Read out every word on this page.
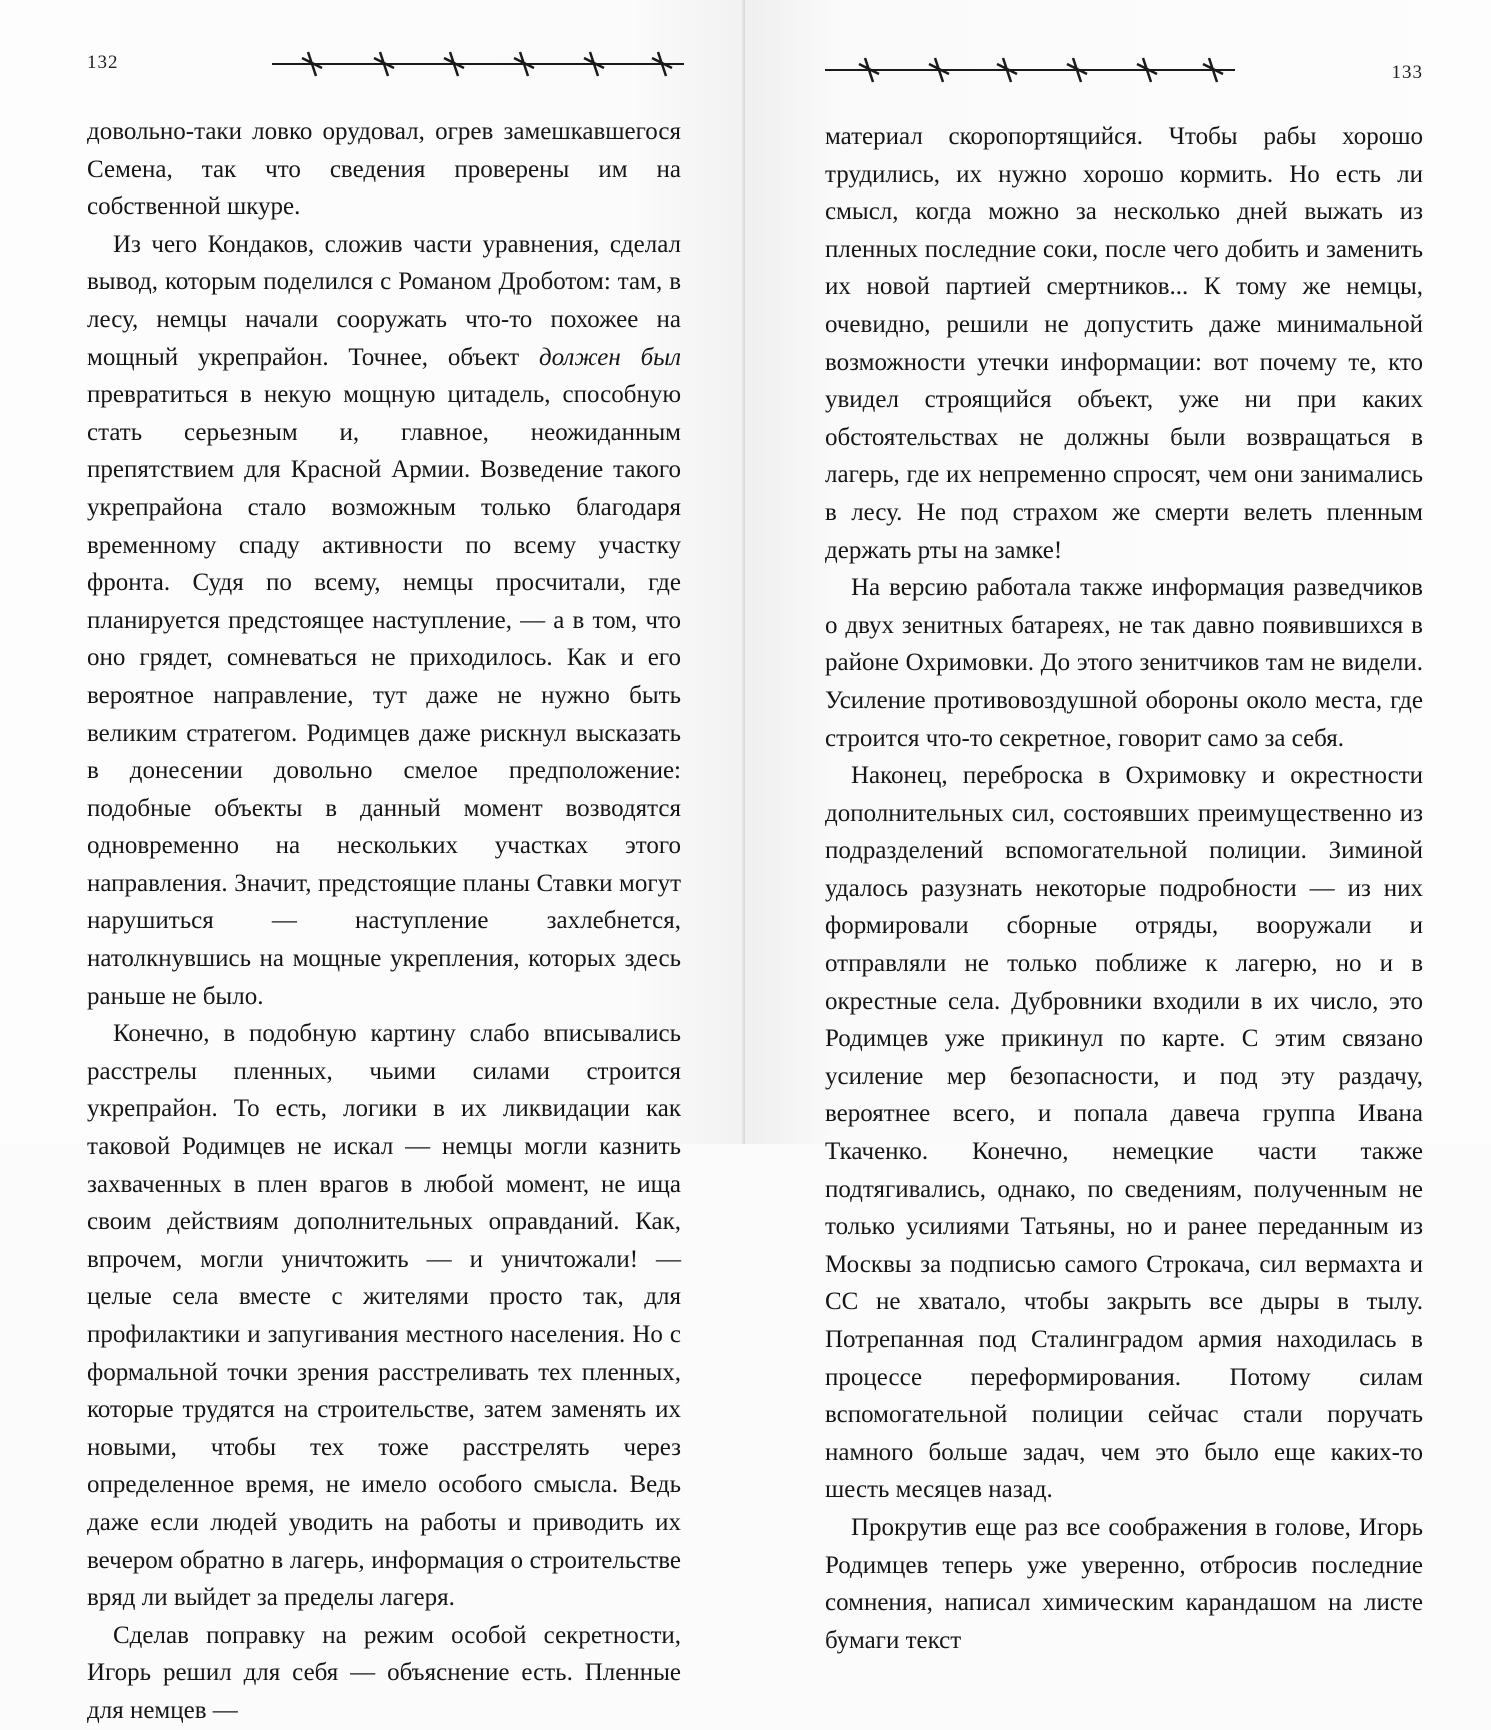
132

довольно-таки ловко орудовал, огрев замешкавшегося Семена, так что сведения проверены им на собственной шкуре.

Из чего Кондаков, сложив части уравнения, сделал вывод, которым поделился с Романом Дроботом: там, в лесу, немцы начали сооружать что-то похожее на мощный укрепрайон. Точнее, объект должен был превратиться в некую мощную цитадель, способную стать серьезным и, главное, неожиданным препятствием для Красной Армии. Возведение такого укрепрайона стало возможным только благодаря временному спаду активности по всему участку фронта. Судя по всему, немцы просчитали, где планируется предстоящее наступление, — а в том, что оно грядет, сомневаться не приходилось. Как и его вероятное направление, тут даже не нужно быть великим стратегом. Родимцев даже рискнул высказать в донесении довольно смелое предположение: подобные объекты в данный момент возводятся одновременно на нескольких участках этого направления. Значит, предстоящие планы Ставки могут нарушиться — наступление захлебнется, натолкнувшись на мощные укрепления, которых здесь раньше не было.

Конечно, в подобную картину слабо вписывались расстрелы пленных, чьими силами строится укрепрайон. То есть, логики в их ликвидации как таковой Родимцев не искал — немцы могли казнить захваченных в плен врагов в любой момент, не ища своим действиям дополнительных оправданий. Как, впрочем, могли уничтожить — и уничтожали! — целые села вместе с жителями просто так, для профилактики и запугивания местного населения. Но с формальной точки зрения расстреливать тех пленных, которые трудятся на строительстве, затем заменять их новыми, чтобы тех тоже расстрелять через определенное время, не имело особого смысла. Ведь даже если людей уводить на работы и приводить их вечером обратно в лагерь, информация о строительстве вряд ли выйдет за пределы лагеря.

Сделав поправку на режим особой секретности, Игорь решил для себя — объяснение есть. Пленные для немцев —

133

материал скоропортящийся. Чтобы рабы хорошо трудились, их нужно хорошо кормить. Но есть ли смысл, когда можно за несколько дней выжать из пленных последние соки, после чего добить и заменить их новой партией смертников... К тому же немцы, очевидно, решили не допустить даже минимальной возможности утечки информации: вот почему те, кто увидел строящийся объект, уже ни при каких обстоятельствах не должны были возвращаться в лагерь, где их непременно спросят, чем они занимались в лесу. Не под страхом же смерти велеть пленным держать рты на замке!

На версию работала также информация разведчиков о двух зенитных батареях, не так давно появившихся в районе Охримовки. До этого зенитчиков там не видели. Усиление противовоздушной обороны около места, где строится что-то секретное, говорит само за себя.

Наконец, переброска в Охримовку и окрестности дополнительных сил, состоявших преимущественно из подразделений вспомогательной полиции. Зиминой удалось разузнать некоторые подробности — из них формировали сборные отряды, вооружали и отправляли не только поближе к лагерю, но и в окрестные села. Дубровники входили в их число, это Родимцев уже прикинул по карте. С этим связано усиление мер безопасности, и под эту раздачу, вероятнее всего, и попала давеча группа Ивана Ткаченко. Конечно, немецкие части также подтягивались, однако, по сведениям, полученным не только усилиями Татьяны, но и ранее переданным из Москвы за подписью самого Строкача, сил вермахта и СС не хватало, чтобы закрыть все дыры в тылу. Потрепанная под Сталинградом армия находилась в процессе переформирования. Потому силам вспомогательной полиции сейчас стали поручать намного больше задач, чем это было еще каких-то шесть месяцев назад.

Прокрутив еще раз все соображения в голове, Игорь Родимцев теперь уже уверенно, отбросив последние сомнения, написал химическим карандашом на листе бумаги текст
